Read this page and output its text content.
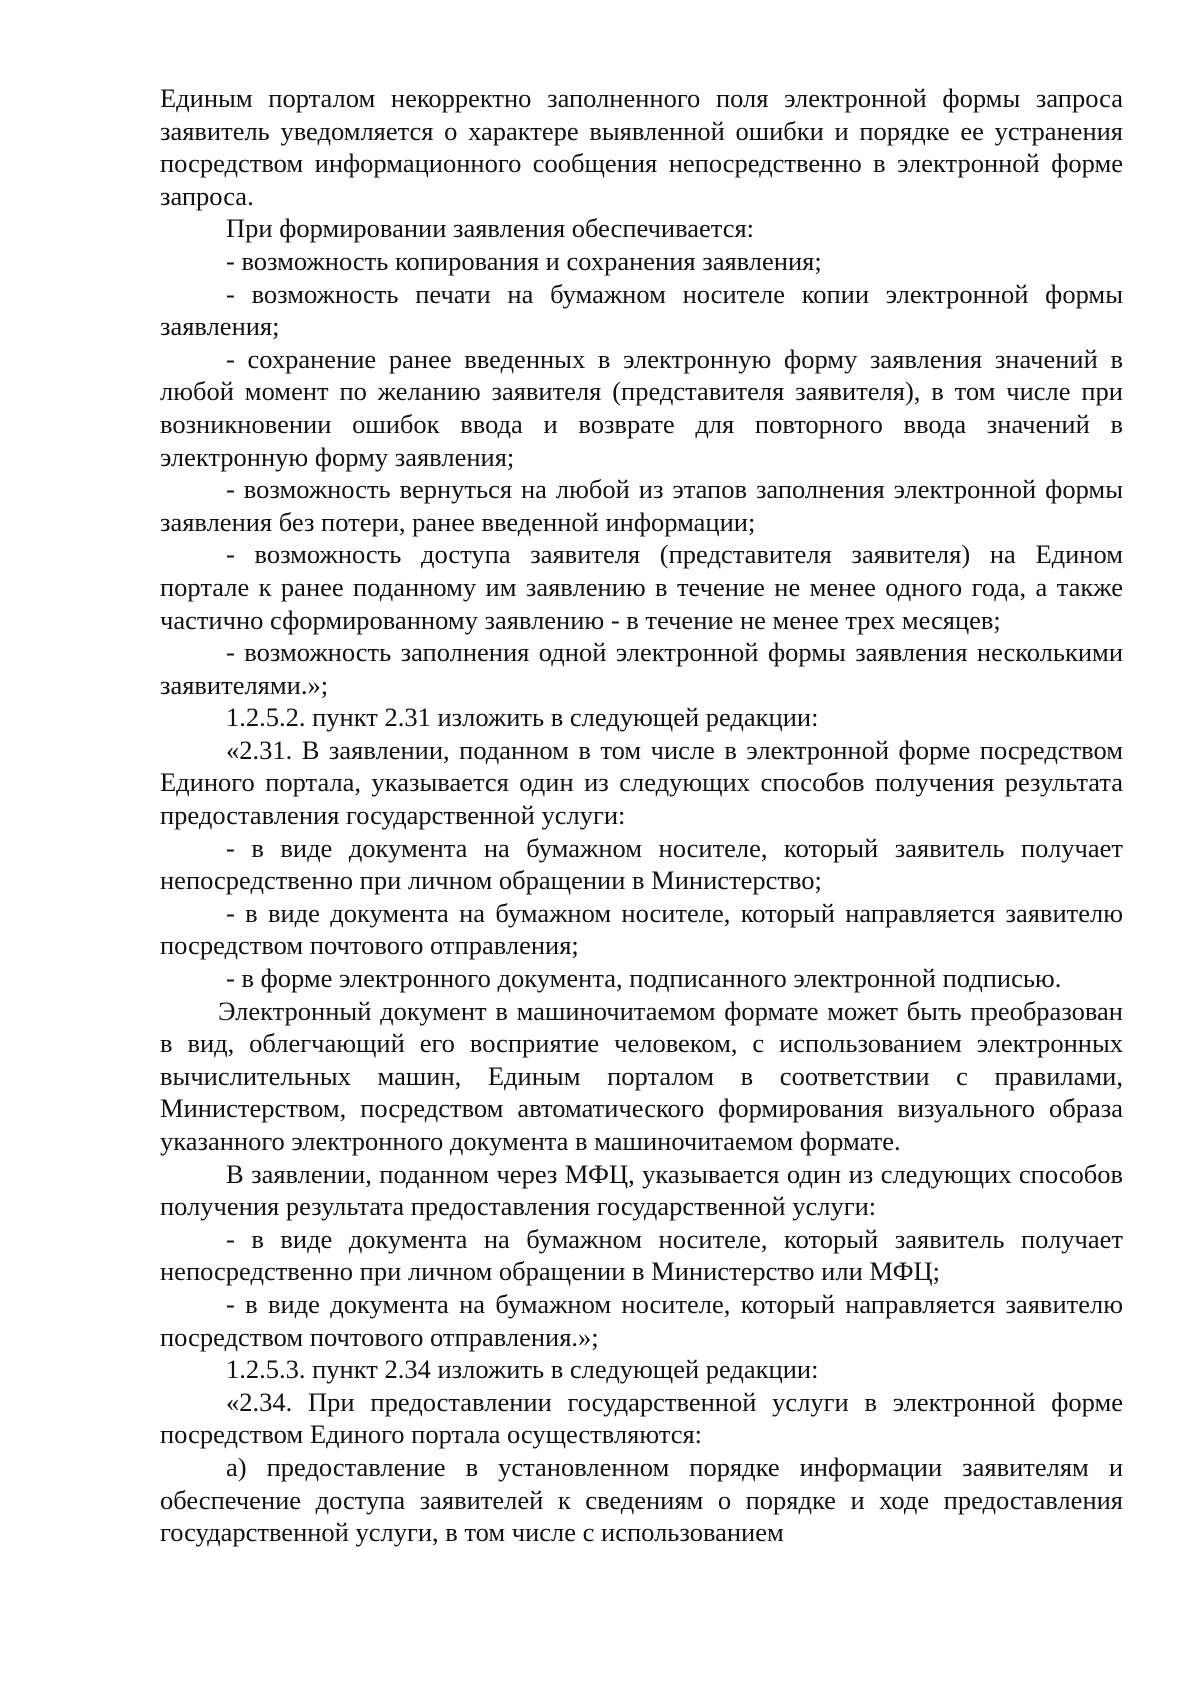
Единым порталом некорректно заполненного поля электронной формы запроса заявитель уведомляется о характере выявленной ошибки и порядке ее устранения посредством информационного сообщения непосредственно в электронной форме запроса.

При формировании заявления обеспечивается:

- возможность копирования и сохранения заявления;

- возможность печати на бумажном носителе копии электронной формы заявления;

- сохранение ранее введенных в электронную форму заявления значений в любой момент по желанию заявителя (представителя заявителя), в том числе при возникновении ошибок ввода и возврате для повторного ввода значений в электронную форму заявления;

- возможность вернуться на любой из этапов заполнения электронной формы заявления без потери, ранее введенной информации;

- возможность доступа заявителя (представителя заявителя) на Едином портале к ранее поданному им заявлению в течение не менее одного года, а также частично сформированному заявлению - в течение не менее трех месяцев;

- возможность заполнения одной электронной формы заявления несколькими заявителями.»;

1.2.5.2. пункт 2.31 изложить в следующей редакции:

«2.31. В заявлении, поданном в том числе в электронной форме посредством Единого портала, указывается один из следующих способов получения результата предоставления государственной услуги:

- в виде документа на бумажном носителе, который заявитель получает непосредственно при личном обращении в Министерство;

- в виде документа на бумажном носителе, который направляется заявителю посредством почтового отправления;

- в форме электронного документа, подписанного электронной подписью.

Электронный документ в машиночитаемом формате может быть преобразован в вид, облегчающий его восприятие человеком, с использованием электронных вычислительных машин, Единым порталом в соответствии с правилами, Министерством, посредством автоматического формирования визуального образа указанного электронного документа в машиночитаемом формате.

В заявлении, поданном через МФЦ, указывается один из следующих способов получения результата предоставления государственной услуги:

- в виде документа на бумажном носителе, который заявитель получает непосредственно при личном обращении в Министерство или МФЦ;

- в виде документа на бумажном носителе, который направляется заявителю посредством почтового отправления.»;

1.2.5.3. пункт 2.34 изложить в следующей редакции:

«2.34. При предоставлении государственной услуги в электронной форме посредством Единого портала осуществляются:

а) предоставление в установленном порядке информации заявителям и обеспечение доступа заявителей к сведениям о порядке и ходе предоставления государственной услуги, в том числе с использованием
